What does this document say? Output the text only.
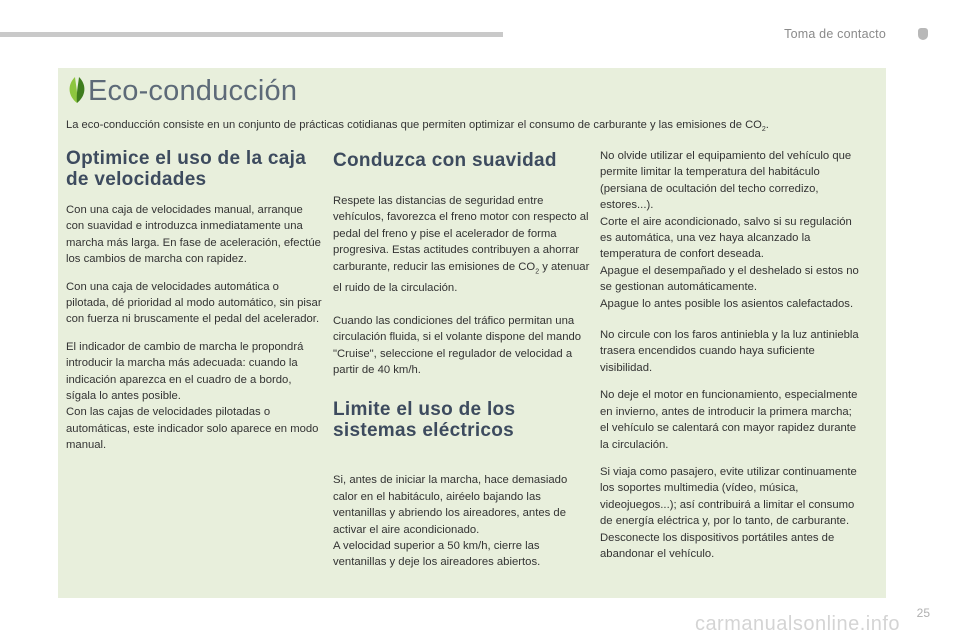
Toma de contacto
Eco-conducción

La eco-conducción consiste en un conjunto de prácticas cotidianas que permiten optimizar el consumo de carburante y las emisiones de $CO_2$.

Optimice el uso de la caja de velocidades

Con una caja de velocidades manual, arranque con suavidad e introduzca inmediatamente una marcha más larga. En fase de aceleración, efectúe los cambios de marcha con rapidez.

Con una caja de velocidades automática o pilotada, dé prioridad al modo automático, sin pisar con fuerza ni bruscamente el pedal del acelerador.

El indicador de cambio de marcha le propondrá introducir la marcha más adecuada: cuando la indicación aparezca en el cuadro de a bordo, sígala lo antes posible.

Con las cajas de velocidades pilotadas o automáticas, este indicador solo aparece en modo manual.

Conduzca con suavidad

Respete las distancias de seguridad entre vehículos, favorezca el freno motor con respecto al pedal del freno y pise el acelerador de forma progresiva. Estas actitudes contribuyen a ahorrar carburante, reducir las emisiones de $CO_2$ y atenuar el ruido de la circulación.

Cuando las condiciones del tráfico permitan una circulación fluida, si el volante dispone del mando "Cruise", seleccione el regulador de velocidad a partir de 40 km/h.

Limite el uso de los sistemas eléctricos

Si, antes de iniciar la marcha, hace demasiado calor en el habitáculo, airéelo bajando las ventanillas y abriendo los aireadores, antes de activar el aire acondicionado.

A velocidad superior a 50 km/h, cierre las ventanillas y deje los aireadores abiertos.

No olvide utilizar el equipamiento del vehículo que permite limitar la temperatura del habitáculo (persiana de ocultación del techo corredizo, estores...).

Corte el aire acondicionado, salvo si su regulación es automática, una vez haya alcanzado la temperatura de confort deseada.

Apague el desempañado y el deshelado si estos no se gestionan automáticamente.

Apague lo antes posible los asientos calefactados.

No circule con los faros antiniebla y la luz antiniebla trasera encendidos cuando haya suficiente visibilidad.

No deje el motor en funcionamiento, especialmente en invierno, antes de introducir la primera marcha; el vehículo se calentará con mayor rapidez durante la circulación.

Si viaja como pasajero, evite utilizar continuamente los soportes multimedia (vídeo, música, videojuegos...); así contribuirá a limitar el consumo de energía eléctrica y, por lo tanto, de carburante.

Desconecte los dispositivos portátiles antes de abandonar el vehículo.

25
carmanualsonline.info
